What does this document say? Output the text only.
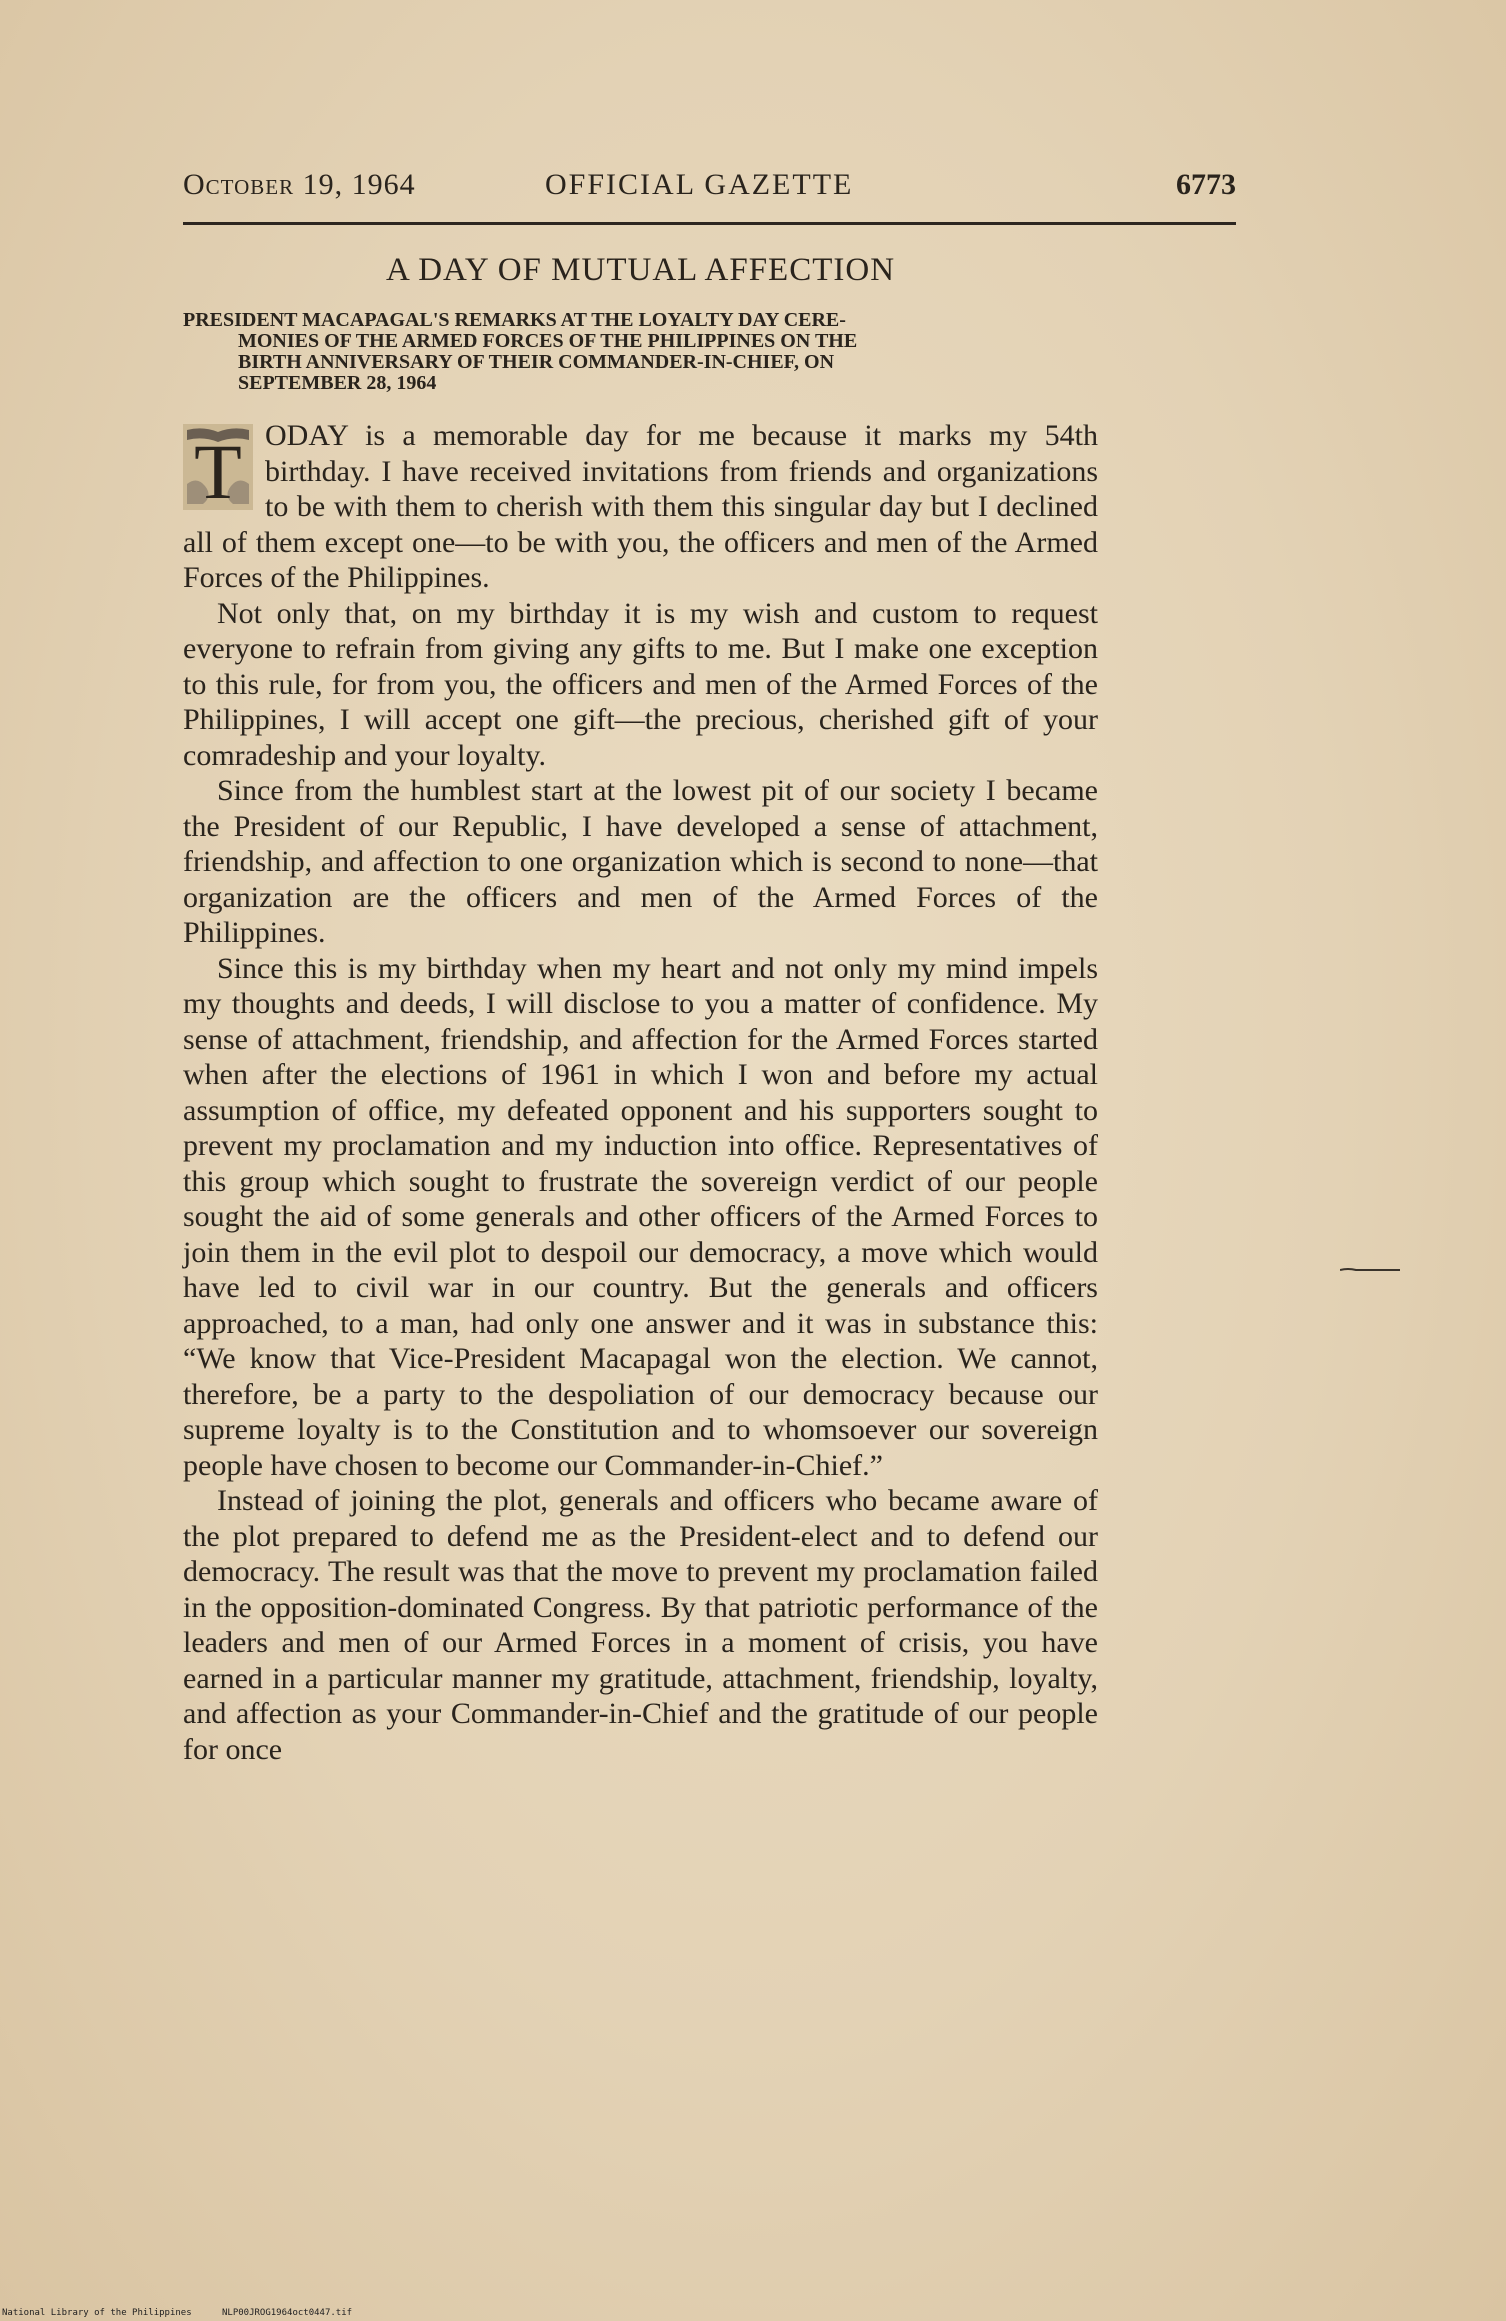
October 19, 1964	OFFICIAL GAZETTE	6773
A DAY OF MUTUAL AFFECTION
PRESIDENT MACAPAGAL'S REMARKS AT THE LOYALTY DAY CERE-
MONIES OF THE ARMED FORCES OF THE PHILIPPINES ON THE
BIRTH ANNIVERSARY OF THEIR COMMANDER-IN-CHIEF, ON
SEPTEMBER 28, 1964

T ODAY is a memorable day for me because it marks my 54th birthday. I have received invitations from friends and organizations to be with them to cherish with them this singular day but I declined all of them except one—to be with you, the officers and men of the Armed Forces of the Philippines.

Not only that, on my birthday it is my wish and custom to request everyone to refrain from giving any gifts to me. But I make one exception to this rule, for from you, the officers and men of the Armed Forces of the Philippines, I will accept one gift—the precious, cherished gift of your comradeship and your loyalty.

Since from the humblest start at the lowest pit of our society I became the President of our Republic, I have developed a sense of attachment, friendship, and affection to one organization which is second to none—that organization are the officers and men of the Armed Forces of the Philippines.

Since this is my birthday when my heart and not only my mind impels my thoughts and deeds, I will disclose to you a matter of confidence. My sense of attachment, friendship, and affection for the Armed Forces started when after the elections of 1961 in which I won and before my actual assumption of office, my defeated opponent and his supporters sought to prevent my proclamation and my induction into office. Representatives of this group which sought to frustrate the sovereign verdict of our people sought the aid of some generals and other officers of the Armed Forces to join them in the evil plot to despoil our democracy, a move which would have led to civil war in our country. But the generals and officers approached, to a man, had only one answer and it was in substance this: “We know that Vice-President Macapagal won the election. We cannot, therefore, be a party to the despoliation of our democracy because our supreme loyalty is to the Constitution and to whomsoever our sovereign people have chosen to become our Commander-in-Chief.”

Instead of joining the plot, generals and officers who became aware of the plot prepared to defend me as the President-elect and to defend our democracy. The result was that the move to prevent my proclamation failed in the opposition-dominated Congress. By that patriotic performance of the leaders and men of our Armed Forces in a moment of crisis, you have earned in a particular manner my gratitude, attachment, friendship, loyalty, and affection as your Commander-in-Chief and the gratitude of our people for once

National Library of the Philippines	NLP00JROG1964oct0447.tif
